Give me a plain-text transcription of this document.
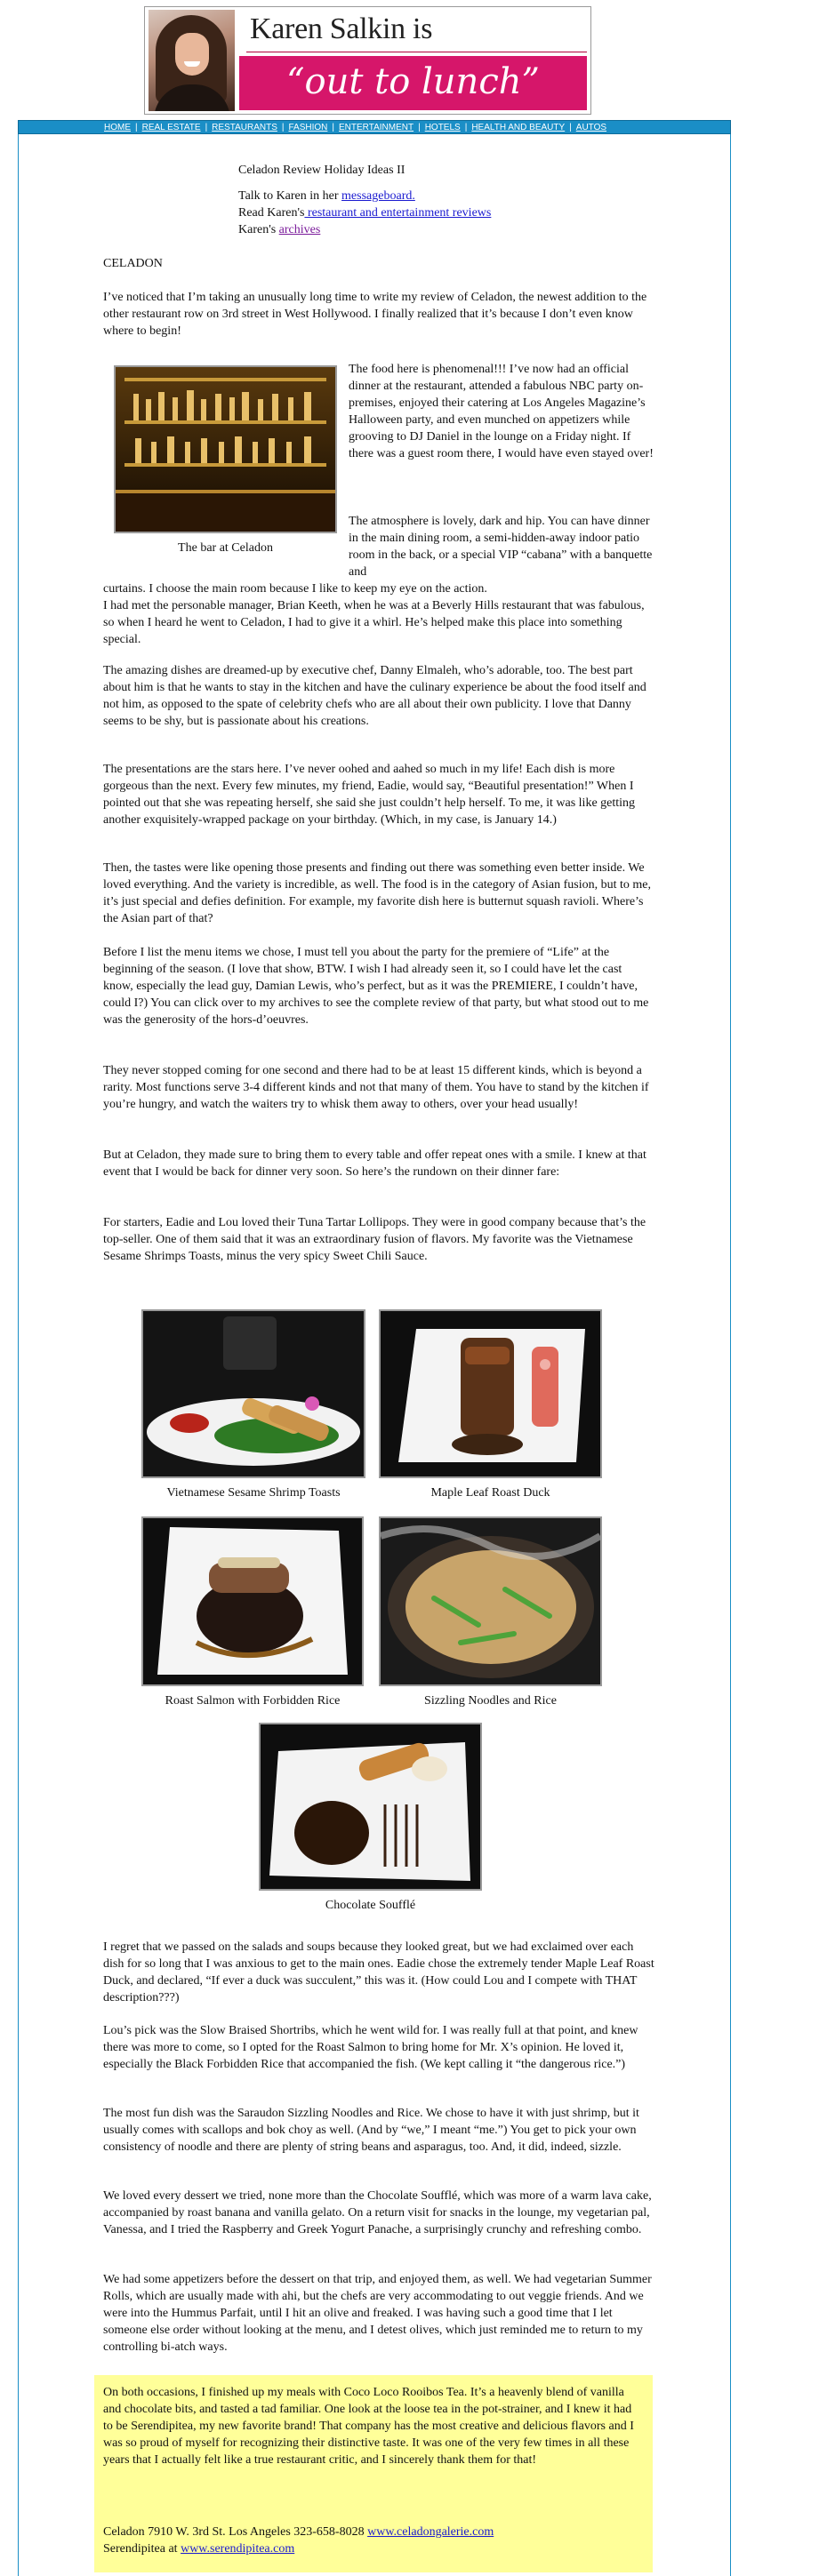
Karen Salkin is
“out to lunch”
HOME | REAL ESTATE | RESTAURANTS | FASHION | ENTERTAINMENT | HOTELS | HEALTH AND BEAUTY | AUTOS
Celadon Review Holiday Ideas II
Talk to Karen in her messageboard.
Read Karen's restaurant and entertainment reviews
Karen's archives
CELADON
I’ve noticed that I’m taking an unusually long time to write my review of Celadon, the newest addition to the other restaurant row on 3rd street in West Hollywood. I finally realized that it’s because I don’t even know where to begin!
The bar at Celadon
The food here is phenomenal!!! I’ve now had an official dinner at the restaurant, attended a fabulous NBC party on-premises, enjoyed their catering at Los Angeles Magazine’s Halloween party, and even munched on appetizers while grooving to DJ Daniel in the lounge on a Friday night. If there was a guest room there, I would have even stayed over!
The atmosphere is lovely, dark and hip. You can have dinner in the main dining room, a semi-hidden-away indoor patio room in the back, or a special VIP “cabana” with a banquette and
curtains. I choose the main room because I like to keep my eye on the action.
I had met the personable manager, Brian Keeth, when he was at a Beverly Hills restaurant that was fabulous, so when I heard he went to Celadon, I had to give it a whirl. He’s helped make this place into something special.
The amazing dishes are dreamed-up by executive chef, Danny Elmaleh, who’s adorable, too. The best part about him is that he wants to stay in the kitchen and have the culinary experience be about the food itself and not him, as opposed to the spate of celebrity chefs who are all about their own publicity. I love that Danny seems to be shy, but is passionate about his creations.
The presentations are the stars here. I’ve never oohed and aahed so much in my life! Each dish is more gorgeous than the next. Every few minutes, my friend, Eadie, would say, “Beautiful presentation!” When I pointed out that she was repeating herself, she said she just couldn’t help herself. To me, it was like getting another exquisitely-wrapped package on your birthday. (Which, in my case, is January 14.)
Then, the tastes were like opening those presents and finding out there was something even better inside. We loved everything. And the variety is incredible, as well. The food is in the category of Asian fusion, but to me, it’s just special and defies definition. For example, my favorite dish here is butternut squash ravioli. Where’s the Asian part of that?
Before I list the menu items we chose, I must tell you about the party for the premiere of “Life” at the beginning of the season. (I love that show, BTW. I wish I had already seen it, so I could have let the cast know, especially the lead guy, Damian Lewis, who’s perfect, but as it was the PREMIERE, I couldn’t have, could I?) You can click over to my archives to see the complete review of that party, but what stood out to me was the generosity of the hors-d’oeuvres.
They never stopped coming for one second and there had to be at least 15 different kinds, which is beyond a rarity. Most functions serve 3-4 different kinds and not that many of them. You have to stand by the kitchen if you’re hungry, and watch the waiters try to whisk them away to others, over your head usually!
But at Celadon, they made sure to bring them to every table and offer repeat ones with a smile. I knew at that event that I would be back for dinner very soon. So here’s the rundown on their dinner fare:
For starters, Eadie and Lou loved their Tuna Tartar Lollipops. They were in good company because that’s the top-seller. One of them said that it was an extraordinary fusion of flavors. My favorite was the Vietnamese Sesame Shrimps Toasts, minus the very spicy Sweet Chili Sauce.
Vietnamese Sesame Shrimp Toasts	Maple Leaf Roast Duck
Roast Salmon with Forbidden Rice	Sizzling Noodles and Rice
Chocolate Soufflé
I regret that we passed on the salads and soups because they looked great, but we had exclaimed over each dish for so long that I was anxious to get to the main ones. Eadie chose the extremely tender Maple Leaf Roast Duck, and declared, “If ever a duck was succulent,” this was it. (How could Lou and I compete with THAT description???)
Lou’s pick was the Slow Braised Shortribs, which he went wild for. I was really full at that point, and knew there was more to come, so I opted for the Roast Salmon to bring home for Mr. X’s opinion. He loved it, especially the Black Forbidden Rice that accompanied the fish. (We kept calling it “the dangerous rice.”)
The most fun dish was the Saraudon Sizzling Noodles and Rice. We chose to have it with just shrimp, but it usually comes with scallops and bok choy as well. (And by “we,” I meant “me.”) You get to pick your own consistency of noodle and there are plenty of string beans and asparagus, too. And, it did, indeed, sizzle.
We loved every dessert we tried, none more than the Chocolate Soufflé, which was more of a warm lava cake, accompanied by roast banana and vanilla gelato. On a return visit for snacks in the lounge, my vegetarian pal, Vanessa, and I tried the Raspberry and Greek Yogurt Panache, a surprisingly crunchy and refreshing combo.
We had some appetizers before the dessert on that trip, and enjoyed them, as well. We had vegetarian Summer Rolls, which are usually made with ahi, but the chefs are very accommodating to out veggie friends. And we were into the Hummus Parfait, until I hit an olive and freaked. I was having such a good time that I let someone else order without looking at the menu, and I detest olives, which just reminded me to return to my controlling bi-atch ways.
On both occasions, I finished up my meals with Coco Loco Rooibos Tea. It’s a heavenly blend of vanilla and chocolate bits, and tasted a tad familiar. One look at the loose tea in the pot-strainer, and I knew it had to be Serendipitea, my new favorite brand! That company has the most creative and delicious flavors and I was so proud of myself for recognizing their distinctive taste. It was one of the very few times in all these years that I actually felt like a true restaurant critic, and I sincerely thank them for that!
Celadon 7910 W. 3rd St. Los Angeles 323-658-8028 www.celadongalerie.com
Serendipitea at www.serendipitea.com
